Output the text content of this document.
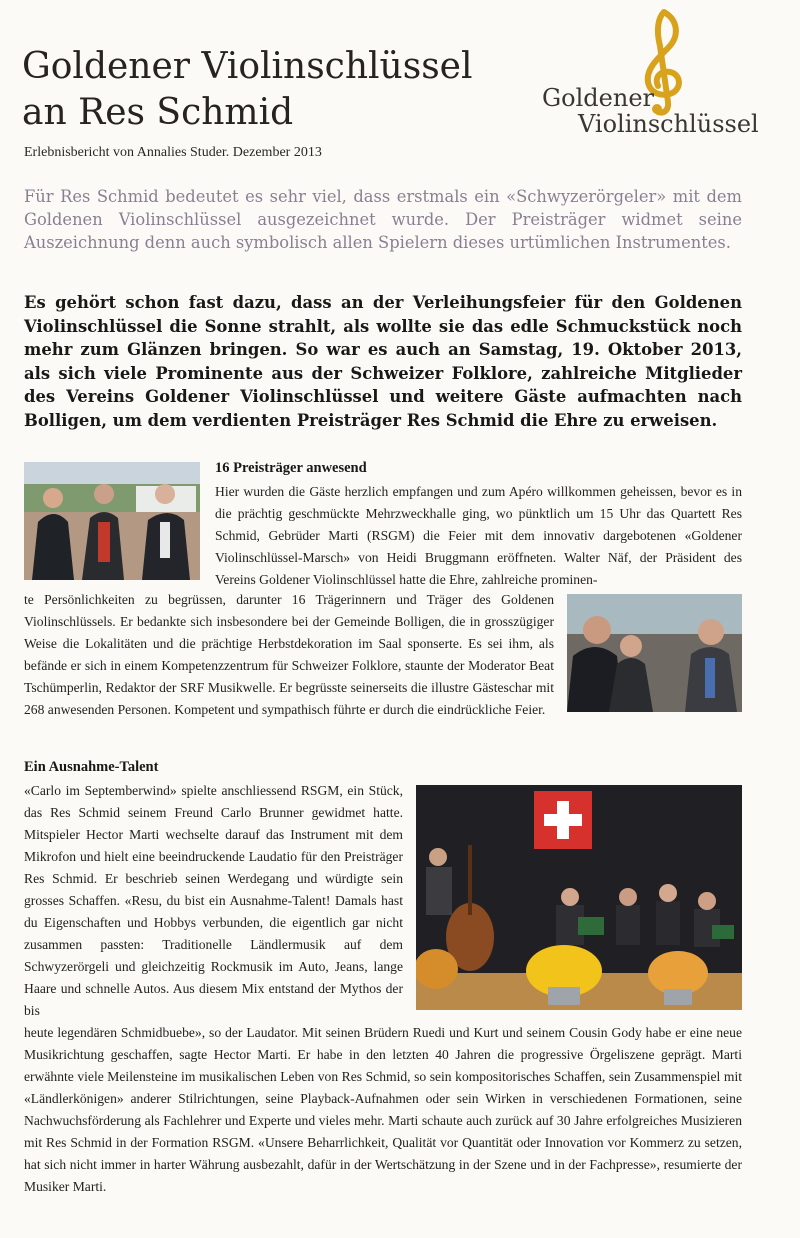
Goldener Violinschlüssel
an Res Schmid
Erlebnisbericht von Annalies Studer. Dezember 2013
Goldener
Violinschlüssel

Für Res Schmid bedeutet es sehr viel, dass erstmals ein «Schwyzerörgeler» mit dem Goldenen Violinschlüssel ausgezeichnet wurde. Der Preisträger widmet seine Auszeichnung denn auch symbolisch allen Spielern dieses urtümlichen Instrumentes.

Es gehört schon fast dazu, dass an der Verleihungsfeier für den Goldenen Violinschlüssel die Sonne strahlt, als wollte sie das edle Schmuckstück noch mehr zum Glänzen bringen. So war es auch an Samstag, 19. Oktober 2013, als sich viele Prominente aus der Schweizer Folklore, zahlreiche Mitglieder des Vereins Goldener Violinschlüssel und weitere Gäste aufmachten nach Bolligen, um dem verdienten Preisträger Res Schmid die Ehre zu erweisen.

16 Preisträger anwesend

Hier wurden die Gäste herzlich empfangen und zum Apéro willkommen geheissen, bevor es in die prächtig geschmückte Mehrzweckhalle ging, wo pünktlich um 15 Uhr das Quartett Res Schmid, Gebrüder Marti (RSGM) die Feier mit dem innovativ dargebotenen «Goldener Violinschlüssel-Marsch» von Heidi Bruggmann eröffneten. Walter Näf, der Präsident des Vereins Goldener Violinschlüssel hatte die Ehre, zahlreiche prominen-

te Persönlichkeiten zu begrüssen, darunter 16 Trägerinnern und Träger des Goldenen Violinschlüssels. Er bedankte sich insbesondere bei der Gemeinde Bolligen, die in grosszügiger Weise die Lokalitäten und die prächtige Herbstdekoration im Saal sponserte. Es sei ihm, als befände er sich in einem Kompetenzzentrum für Schweizer Folklore, staunte der Moderator Beat Tschümperlin, Redaktor der SRF Musikwelle. Er begrüsste seinerseits die illustre Gästeschar mit 268 anwesenden Personen. Kompetent und sympathisch führte er durch die eindrückliche Feier.

Ein Ausnahme-Talent

«Carlo im Septemberwind» spielte anschliessend RSGM, ein Stück, das Res Schmid seinem Freund Carlo Brunner gewidmet hatte. Mitspieler Hector Marti wechselte darauf das Instrument mit dem Mikrofon und hielt eine beeindruckende Laudatio für den Preisträger Res Schmid. Er beschrieb seinen Werdegang und würdigte sein grosses Schaffen. «Resu, du bist ein Ausnahme-Talent! Damals hast du Eigenschaften und Hobbys verbunden, die eigentlich gar nicht zusammen passten: Traditionelle Ländlermusik auf dem Schwyzerörgeli und gleichzeitig Rockmusik im Auto, Jeans, lange Haare und schnelle Autos. Aus diesem Mix entstand der Mythos der bis

heute legendären Schmidbuebe», so der Laudator. Mit seinen Brüdern Ruedi und Kurt und seinem Cousin Gody habe er eine neue Musikrichtung geschaffen, sagte Hector Marti. Er habe in den letzten 40 Jahren die progressive Örgeliszene geprägt. Marti erwähnte viele Meilensteine im musikalischen Leben von Res Schmid, so sein kompositorisches Schaffen, sein Zusammenspiel mit «Ländlerkönigen» anderer Stilrichtungen, seine Playback-Aufnahmen oder sein Wirken in verschiedenen Formationen, seine Nachwuchsförderung als Fachlehrer und Experte und vieles mehr. Marti schaute auch zurück auf 30 Jahre erfolgreiches Musizieren mit Res Schmid in der Formation RSGM. «Unsere Beharrlichkeit, Qualität vor Quantität oder Innovation vor Kommerz zu setzen, hat sich nicht immer in harter Währung ausbezahlt, dafür in der Wertschätzung in der Szene und in der Fachpresse», resumierte der Musiker Marti.
